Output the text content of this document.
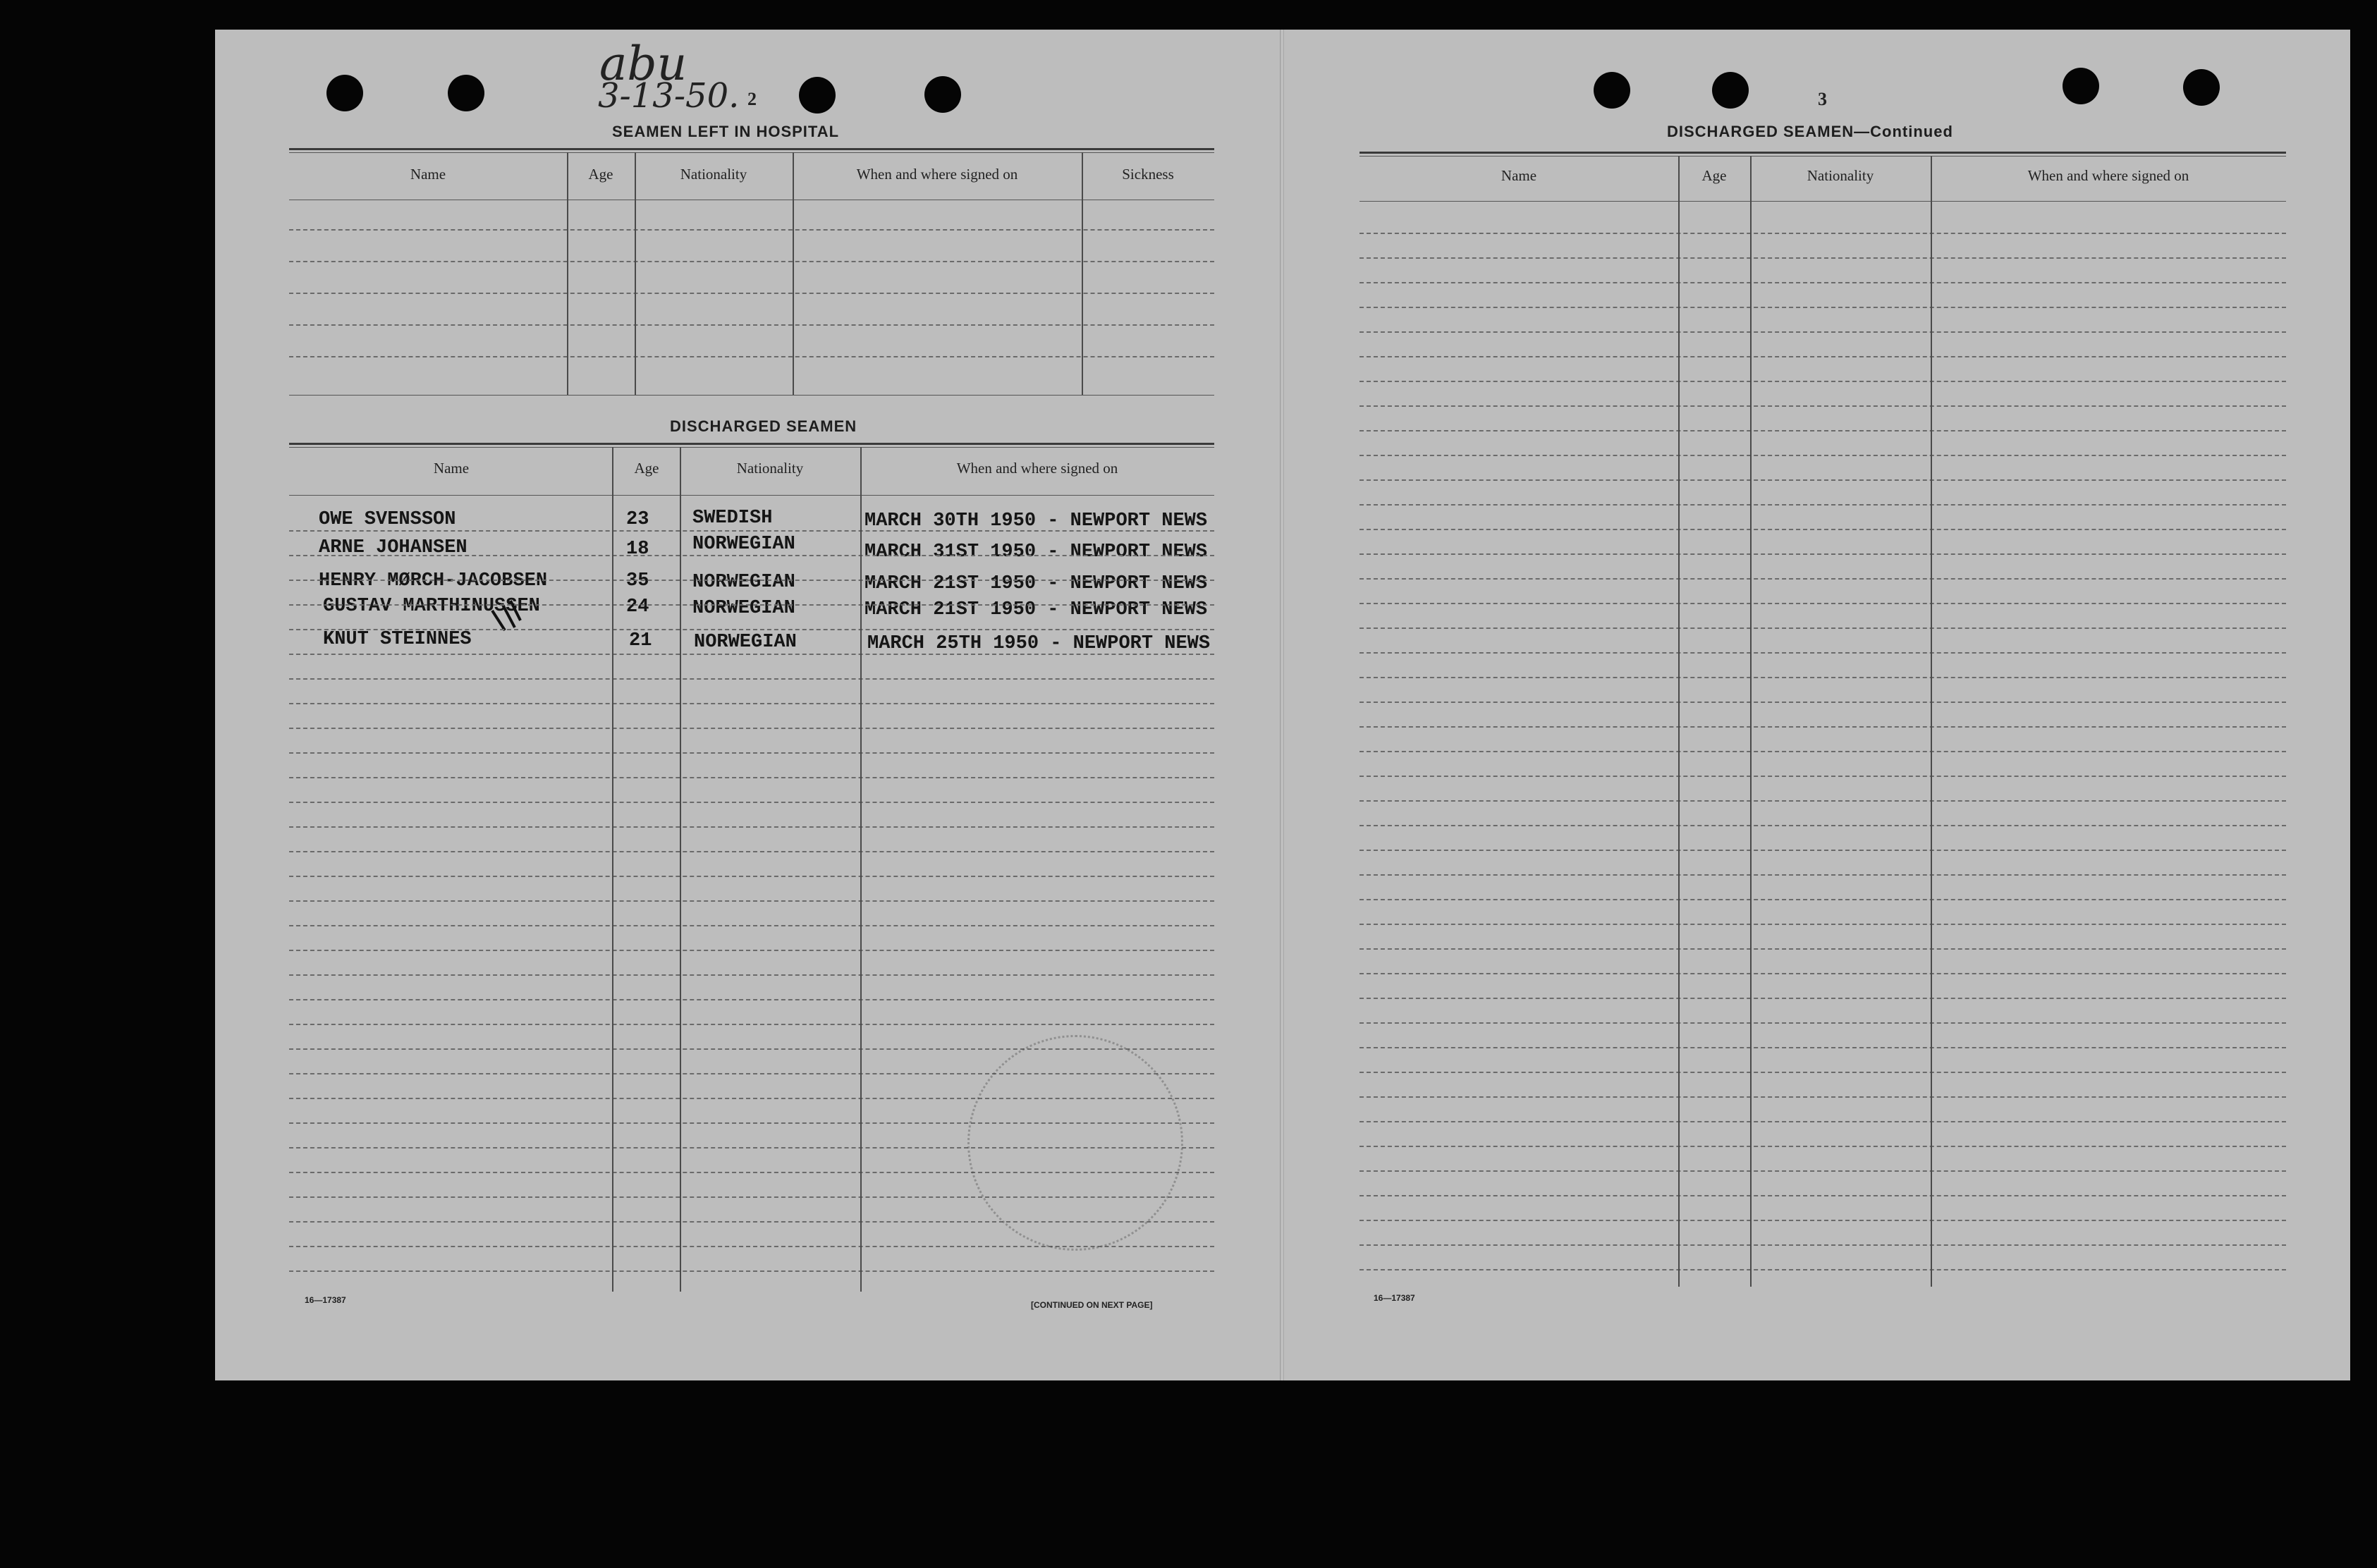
abu
3-13-50. 2
SEAMEN LEFT IN HOSPITAL
Name	Age	Nationality	When and where signed on	Sickness
DISCHARGED SEAMEN
Name	Age	Nationality	When and where signed on
OWE SVENSSON	23 SWEDISH	MARCH 30TH 1950 - NEWPORT NEWS
ARNE JOHANSEN	18 NORWEGIAN	MARCH 31ST 1950 - NEWPORT NEWS
HENRY MØRCH-JACOBSEN	35 NORWEGIAN	MARCH 21ST 1950 - NEWPORT NEWS
GUSTAV MARTHINUSSEN	24 NORWEGIAN	MARCH 21ST 1950 - NEWPORT NEWS
KNUT STEINNES	21 NORWEGIAN	MARCH 25TH 1950 - NEWPORT NEWS
16—17387	[CONTINUED ON NEXT PAGE]
3
DISCHARGED SEAMEN—Continued
Name	Age	Nationality	When and where signed on
16—17387
